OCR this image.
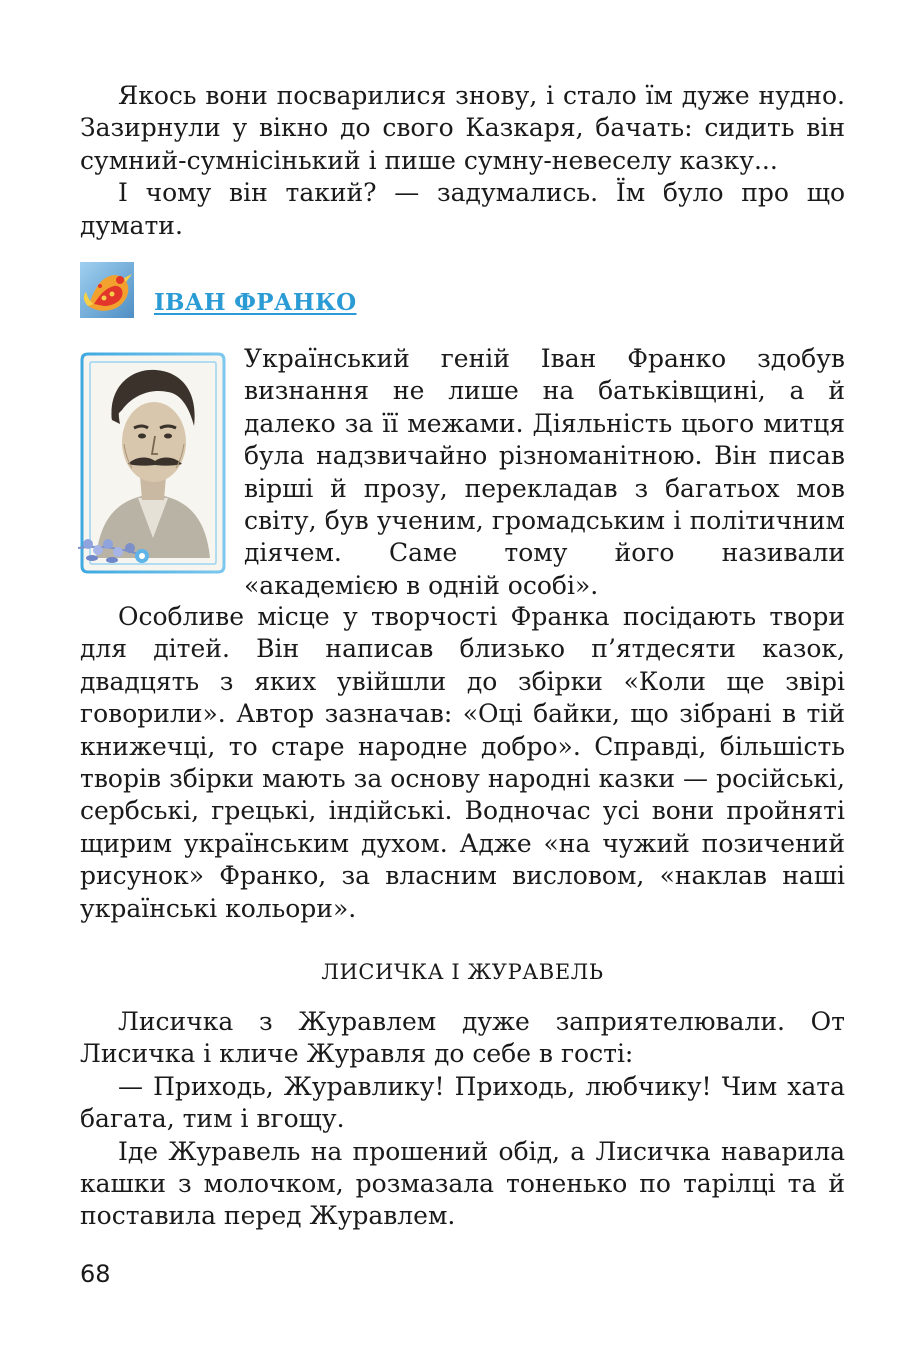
Якось вони посварилися знову, і стало їм дуже нудно. Зазирнули у вікно до свого Казкаря, бачать: сидить він сумний-сумнісінький і пише сумну-невеселу казку...

І чому він такий? — задумались. Їм було про що думати.

ІВАН ФРАНКО

Український геній Іван Франко здобув визнання не лише на батьківщині, а й далеко за її межами. Діяльність цього митця була надзвичайно різноманітною. Він писав вірші й прозу, перекладав з багатьох мов світу, був ученим, громадським і політичним діячем. Саме тому його називали «академією в одній особі».

Особливе місце у творчості Франка посідають твори для дітей. Він написав близько п’ятдесяти казок, двадцять з яких увійшли до збірки «Коли ще звірі говорили». Автор зазначав: «Оці байки, що зібрані в тій книжечці, то старе народне добро». Справді, більшість творів збірки мають за основу народні казки — російські, сербські, грецькі, індійські. Водночас усі вони пройняті щирим українським духом. Адже «на чужий позичений рисунок» Франко, за власним висловом, «наклав наші українські кольори».

ЛИСИЧКА І ЖУРАВЕЛЬ

Лисичка з Журавлем дуже заприятелювали. От Лисичка і кличе Журавля до себе в гості:

— Приходь, Журавлику! Приходь, любчику! Чим хата багата, тим і вгощу.

Іде Журавель на прошений обід, а Лисичка наварила кашки з молочком, розмазала тоненько по тарілці та й поставила перед Журавлем.

68
